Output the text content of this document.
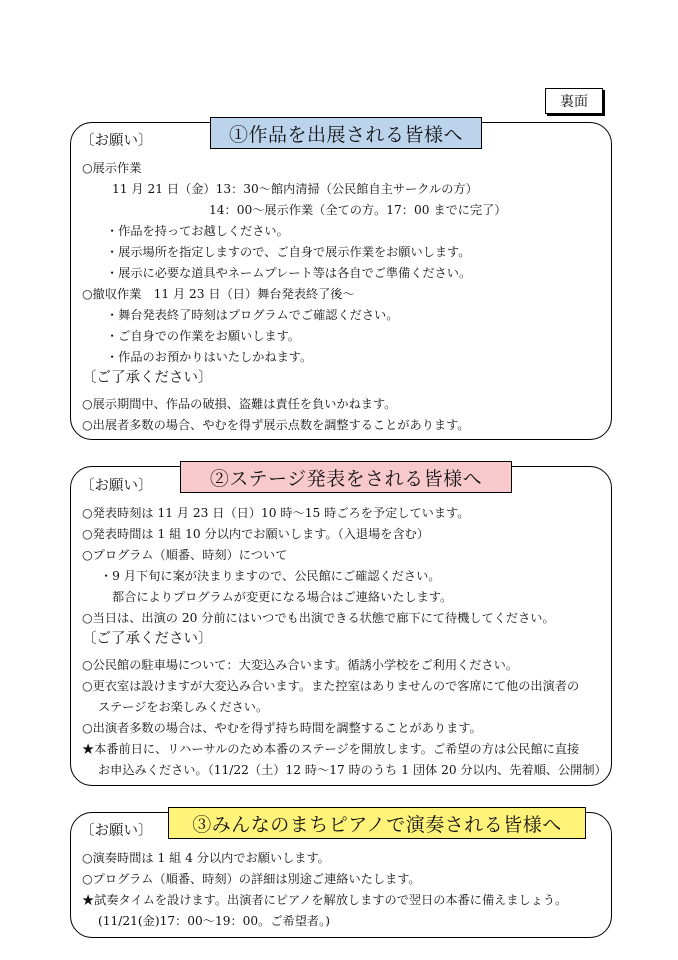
裏面
①作品を出展される皆様へ
〔お願い〕
○展示作業
11 月 21 日（金）13：30～館内清掃（公民館自主サークルの方）
14：00～展示作業（全ての方。17：00 までに完了）
・作品を持ってお越しください。
・展示場所を指定しますので、ご自身で展示作業をお願いします。
・展示に必要な道具やネームプレート等は各自でご準備ください。
○撤収作業　11 月 23 日（日）舞台発表終了後～
・舞台発表終了時刻はプログラムでご確認ください。
・ご自身での作業をお願いします。
・作品のお預かりはいたしかねます。
〔ご了承ください〕
○展示期間中、作品の破損、盗難は責任を負いかねます。
○出展者多数の場合、やむを得ず展示点数を調整することがあります。
②ステージ発表をされる皆様へ
〔お願い〕
○発表時刻は 11 月 23 日（日）10 時～15 時ごろを予定しています。
○発表時間は 1 組 10 分以内でお願いします。（入退場を含む）
○プログラム（順番、時刻）について
・9 月下旬に案が決まりますので、公民館にご確認ください。
都合によりプログラムが変更になる場合はご連絡いたします。
○当日は、出演の 20 分前にはいつでも出演できる状態で廊下にて待機してください。
〔ご了承ください〕
○公民館の駐車場について：大変込み合います。循誘小学校をご利用ください。
○更衣室は設けますが大変込み合います。また控室はありませんので客席にて他の出演者の
ステージをお楽しみください。
○出演者多数の場合は、やむを得ず持ち時間を調整することがあります。
★本番前日に、リハーサルのため本番のステージを開放します。ご希望の方は公民館に直接
お申込みください。（11/22（土）12 時～17 時のうち 1 団体 20 分以内、先着順、公開制）
③みんなのまちピアノで演奏される皆様へ
〔お願い〕
○演奏時間は 1 組 4 分以内でお願いします。
○プログラム（順番、時刻）の詳細は別途ご連絡いたします。
★試奏タイムを設けます。出演者にピアノを解放しますので翌日の本番に備えましょう。
(11/21(金)17：00～19：00。ご希望者。)
